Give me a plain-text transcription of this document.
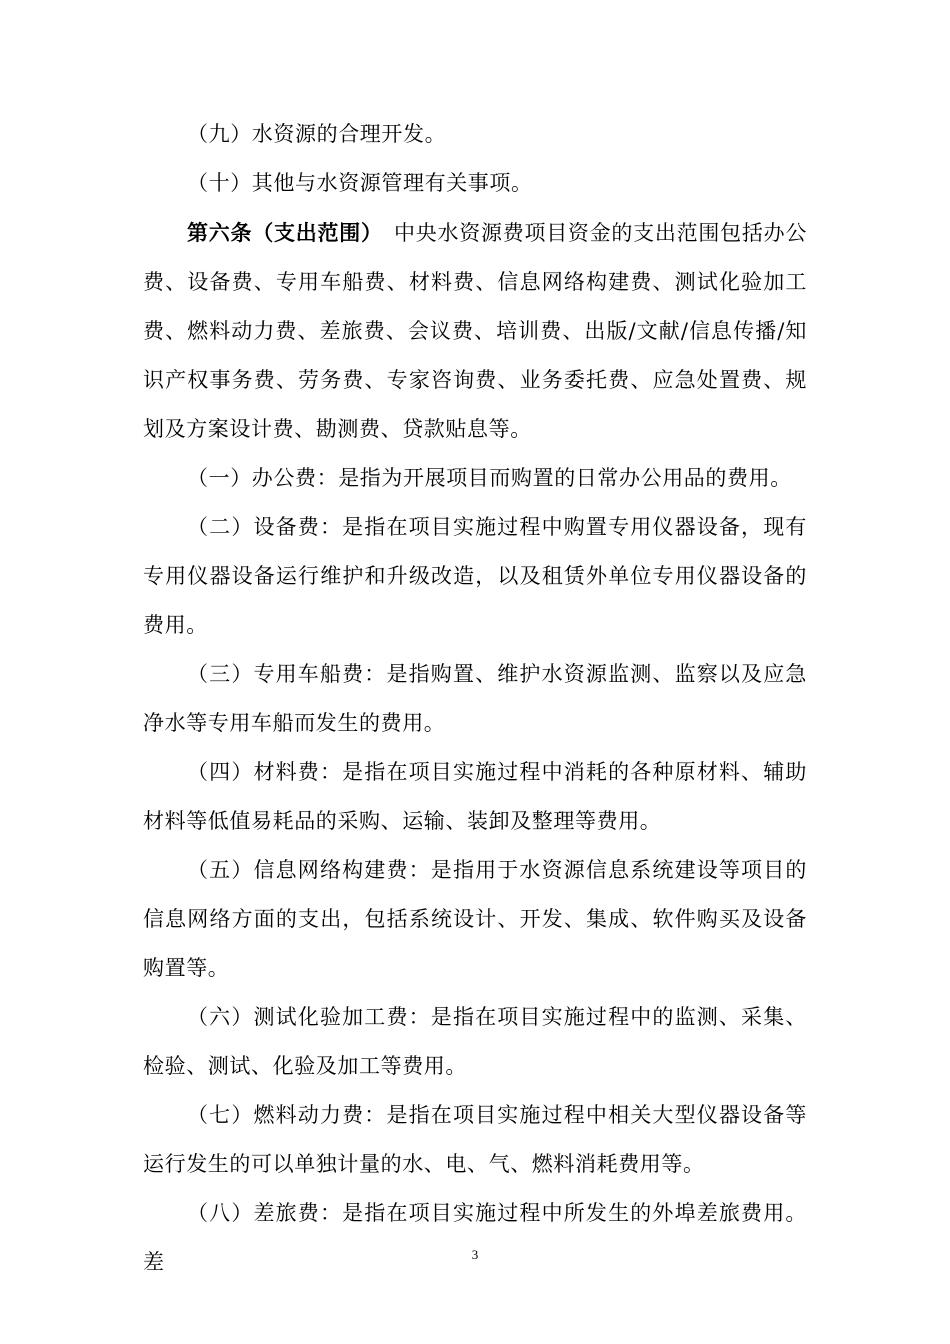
（九）水资源的合理开发。

（十）其他与水资源管理有关事项。

第六条（支出范围）　中央水资源费项目资金的支出范围包括办公费、设备费、专用车船费、材料费、信息网络构建费、测试化验加工费、燃料动力费、差旅费、会议费、培训费、出版/文献/信息传播/知识产权事务费、劳务费、专家咨询费、业务委托费、应急处置费、规划及方案设计费、勘测费、贷款贴息等。

（一）办公费：是指为开展项目而购置的日常办公用品的费用。

（二）设备费：是指在项目实施过程中购置专用仪器设备，现有专用仪器设备运行维护和升级改造，以及租赁外单位专用仪器设备的费用。

（三）专用车船费：是指购置、维护水资源监测、监察以及应急净水等专用车船而发生的费用。

（四）材料费：是指在项目实施过程中消耗的各种原材料、辅助材料等低值易耗品的采购、运输、装卸及整理等费用。

（五）信息网络构建费：是指用于水资源信息系统建设等项目的信息网络方面的支出，包括系统设计、开发、集成、软件购买及设备购置等。

（六）测试化验加工费：是指在项目实施过程中的监测、采集、检验、测试、化验及加工等费用。

（七）燃料动力费：是指在项目实施过程中相关大型仪器设备等运行发生的可以单独计量的水、电、气、燃料消耗费用等。

（八）差旅费：是指在项目实施过程中所发生的外埠差旅费用。差	3
